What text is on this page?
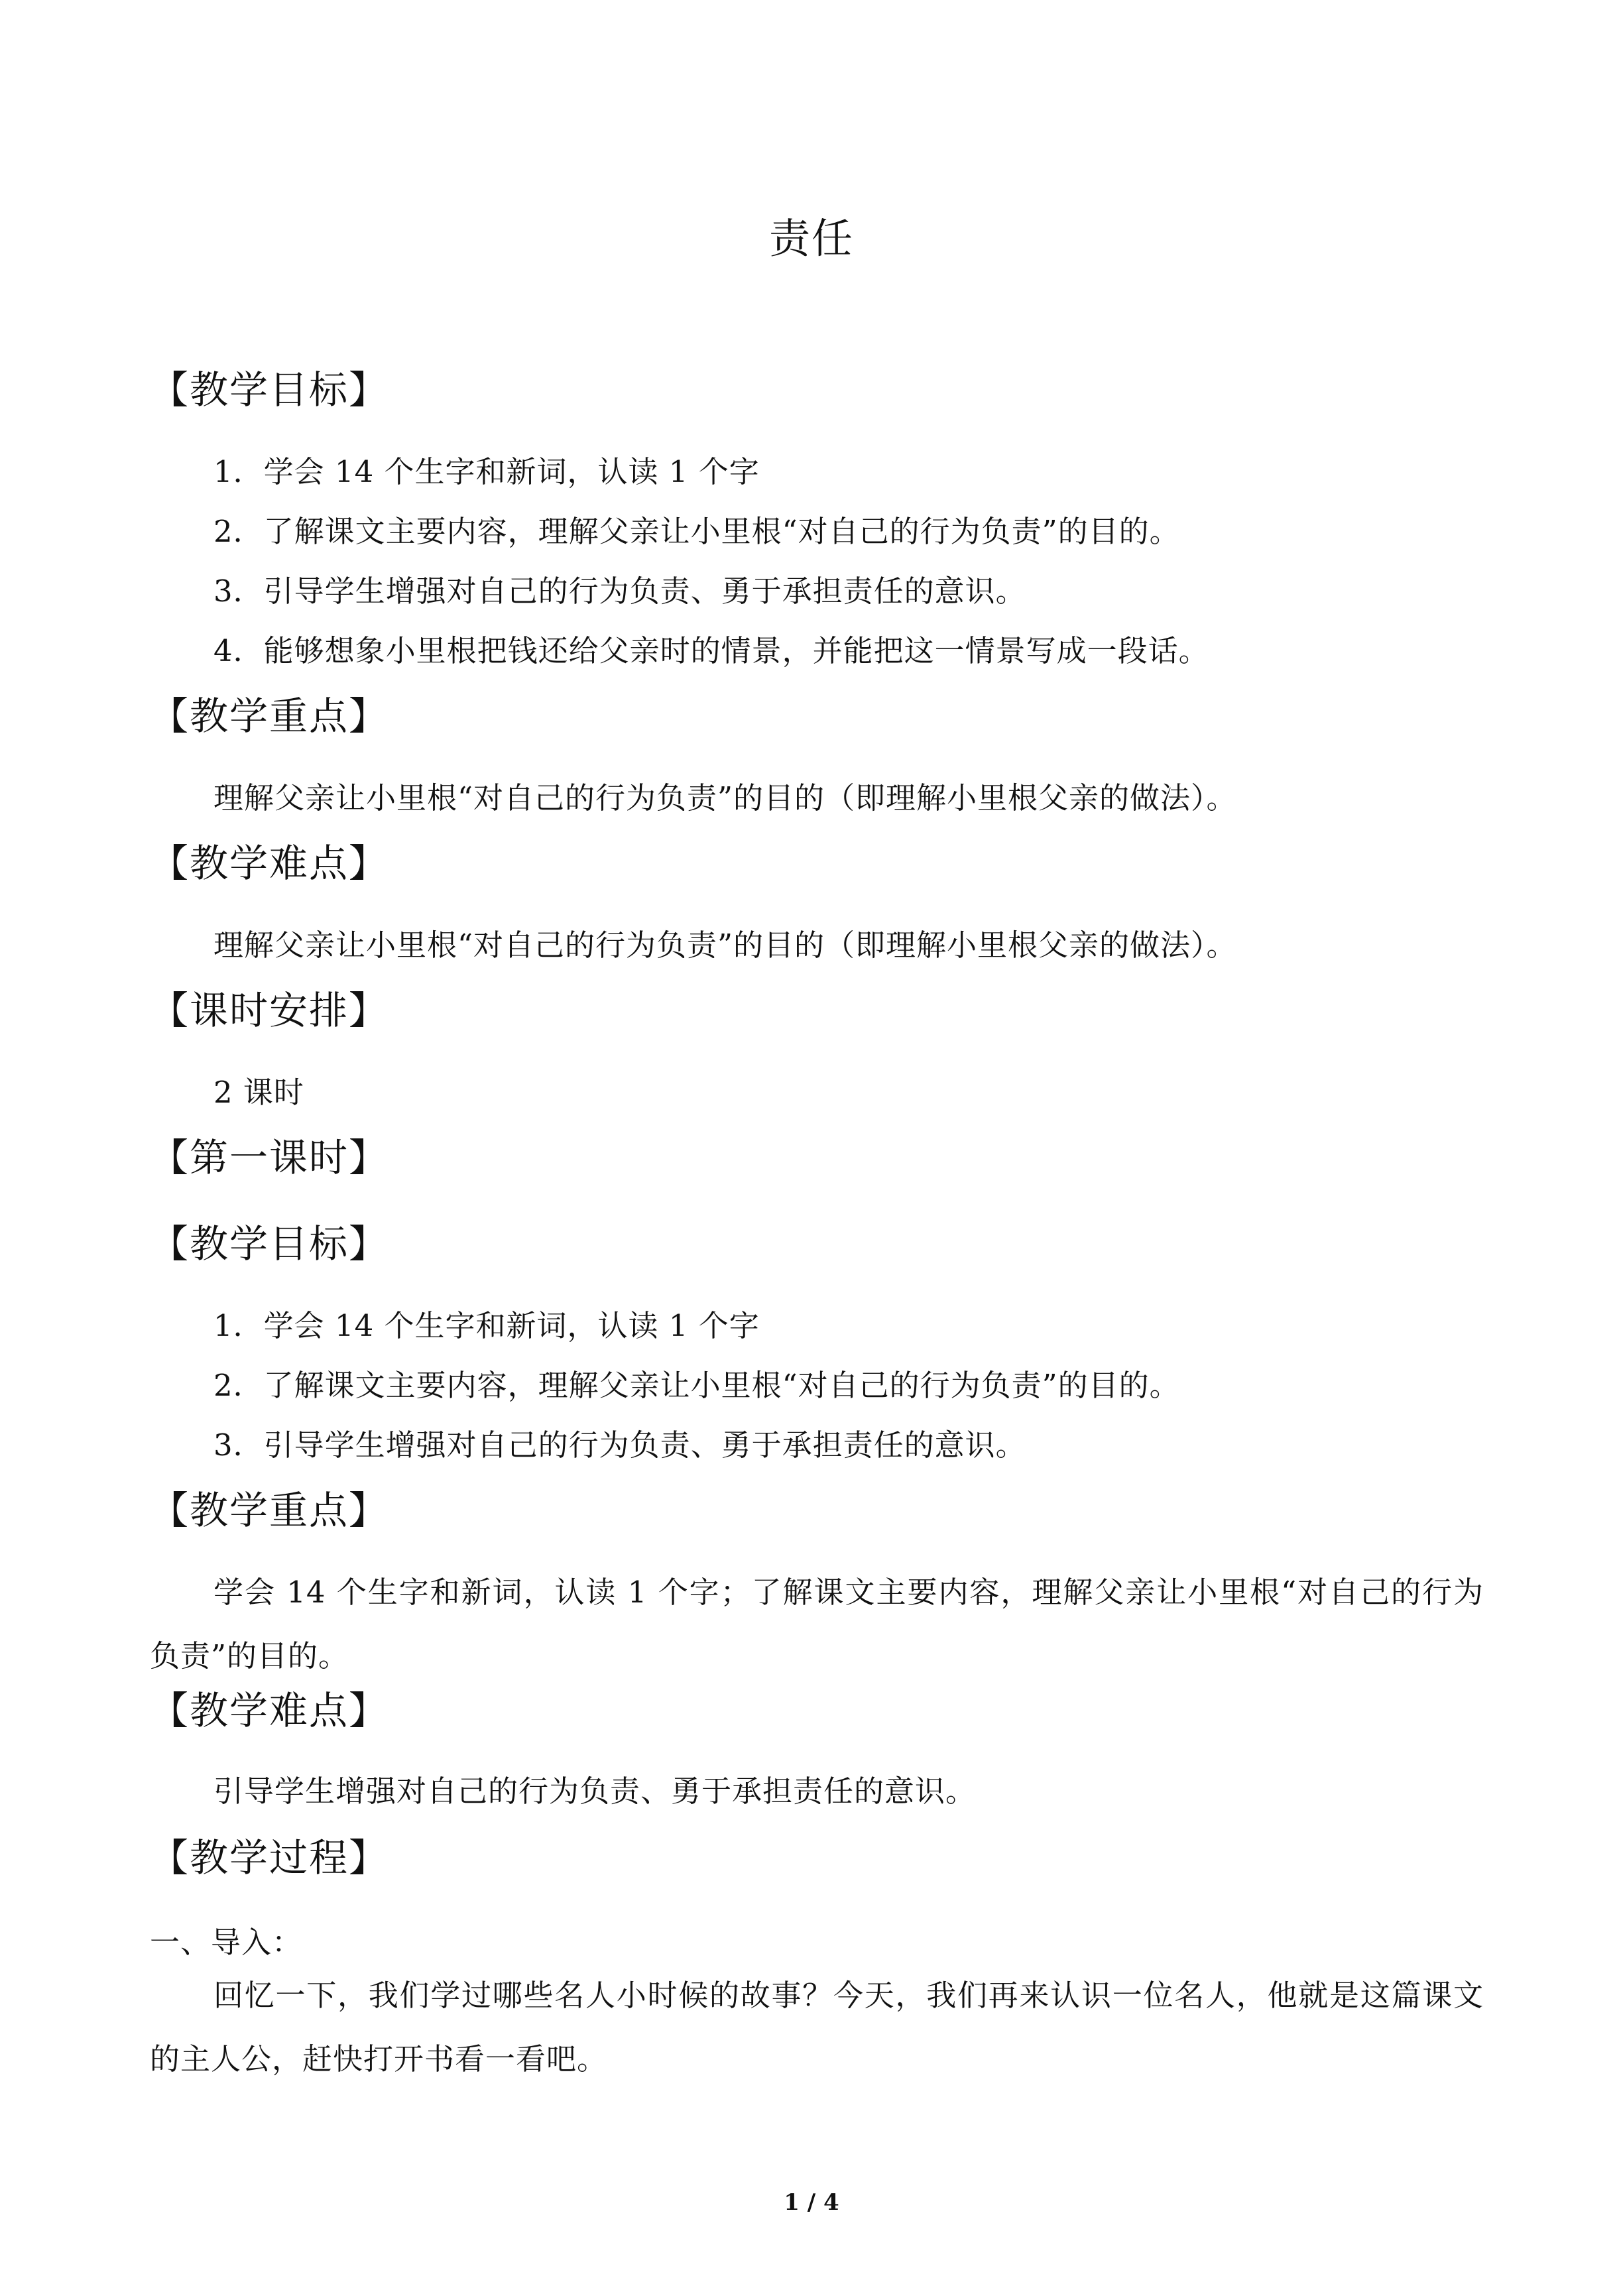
责任
【教学目标】
1．学会 14 个生字和新词，认读 1 个字
2．了解课文主要内容，理解父亲让小里根“对自己的行为负责”的目的。
3．引导学生增强对自己的行为负责、勇于承担责任的意识。
4．能够想象小里根把钱还给父亲时的情景，并能把这一情景写成一段话。
【教学重点】
理解父亲让小里根“对自己的行为负责”的目的（即理解小里根父亲的做法）。
【教学难点】
理解父亲让小里根“对自己的行为负责”的目的（即理解小里根父亲的做法）。
【课时安排】
2 课时
【第一课时】
【教学目标】
1．学会 14 个生字和新词，认读 1 个字
2．了解课文主要内容，理解父亲让小里根“对自己的行为负责”的目的。
3．引导学生增强对自己的行为负责、勇于承担责任的意识。
【教学重点】
学会 14 个生字和新词，认读 1 个字；了解课文主要内容，理解父亲让小里根“对自己的行为负责”的目的。
【教学难点】
引导学生增强对自己的行为负责、勇于承担责任的意识。
【教学过程】
一、导入：
回忆一下，我们学过哪些名人小时候的故事？今天，我们再来认识一位名人，他就是这篇课文的主人公，赶快打开书看一看吧。
1 / 4
